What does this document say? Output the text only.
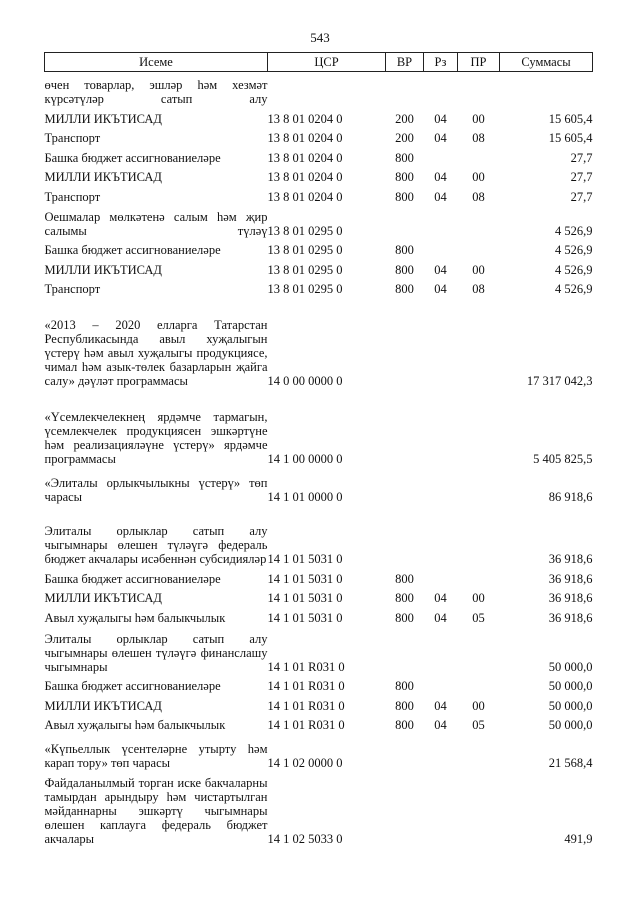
543
Исеме	ЦСР	ВР	Рз	ПР	Суммасы
өчен товарлар, эшләр һәм хезмәт күрсәтүләр сатып алу					
МИЛЛИ ИКЪТИСАД	13 8 01 0204 0	200	04	00	15 605,4
Транспорт	13 8 01 0204 0	200	04	08	15 605,4
Башка бюджет ассигнованиеләре	13 8 01 0204 0	800			27,7
МИЛЛИ ИКЪТИСАД	13 8 01 0204 0	800	04	00	27,7
Транспорт	13 8 01 0204 0	800	04	08	27,7
Оешмалар мөлкәтенә салым һәм җир салымы түләү	13 8 01 0295 0				4 526,9
Башка бюджет ассигнованиеләре	13 8 01 0295 0	800			4 526,9
МИЛЛИ ИКЪТИСАД	13 8 01 0295 0	800	04	00	4 526,9
Транспорт	13 8 01 0295 0	800	04	08	4 526,9
«2013 – 2020 елларга Татарстан Республикасында авыл хуҗалыгын үстерү һәм авыл хуҗалыгы продукциясе, чимал һәм азык-төлек базарларын җайга салу» дәүләт программасы	14 0 00 0000 0				17 317 042,3
«Үсемлекчелекнең ярдәмче тармагын, үсемлекчелек продукциясен эшкәртүне һәм реализацияләүне үстерү» ярдәмче программасы	14 1 00 0000 0				5 405 825,5
«Элиталы орлыкчылыкны үстерү» төп чарасы	14 1 01 0000 0				86 918,6
Элиталы орлыклар сатып алу чыгымнары өлешен түләүгә федераль бюджет акчалары исәбеннән субсидияләр	14 1 01 5031 0				36 918,6
Башка бюджет ассигнованиеләре	14 1 01 5031 0	800			36 918,6
МИЛЛИ ИКЪТИСАД	14 1 01 5031 0	800	04	00	36 918,6
Авыл хуҗалыгы һәм балыкчылык	14 1 01 5031 0	800	04	05	36 918,6
Элиталы орлыклар сатып алу чыгымнары өлешен түләүгә финанслашу чыгымнары	14 1 01 R031 0				50 000,0
Башка бюджет ассигнованиеләре	14 1 01 R031 0	800			50 000,0
МИЛЛИ ИКЪТИСАД	14 1 01 R031 0	800	04	00	50 000,0
Авыл хуҗалыгы һәм балыкчылык	14 1 01 R031 0	800	04	05	50 000,0
«Күпьеллык үсентеләрне утырту һәм карап тору» төп чарасы	14 1 02 0000 0				21 568,4
Файдаланылмый торган иске бакчаларны тамырдан арындыру һәм чистартылган мәйданнарны эшкәртү чыгымнары өлешен каплауга федераль бюджет акчалары	14 1 02 5033 0				491,9
